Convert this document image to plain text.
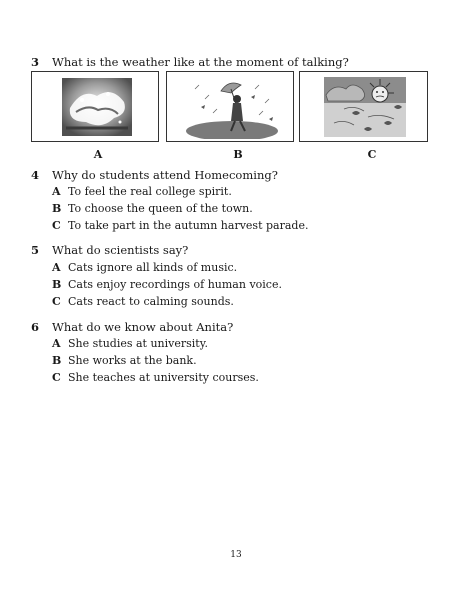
3	What is the weather like at the moment of talking?
A	B	C
4	Why do students attend Homecoming?
A To feel the real college spirit.
B To choose the queen of the town.
C To take part in the autumn harvest parade.
5	What do scientists say?
A Cats ignore all kinds of music.
B Cats enjoy recordings of human voice.
C Cats react to calming sounds.
6	What do we know about Anita?
A She studies at university.
B She works at the bank.
C She teaches at university courses.
13
